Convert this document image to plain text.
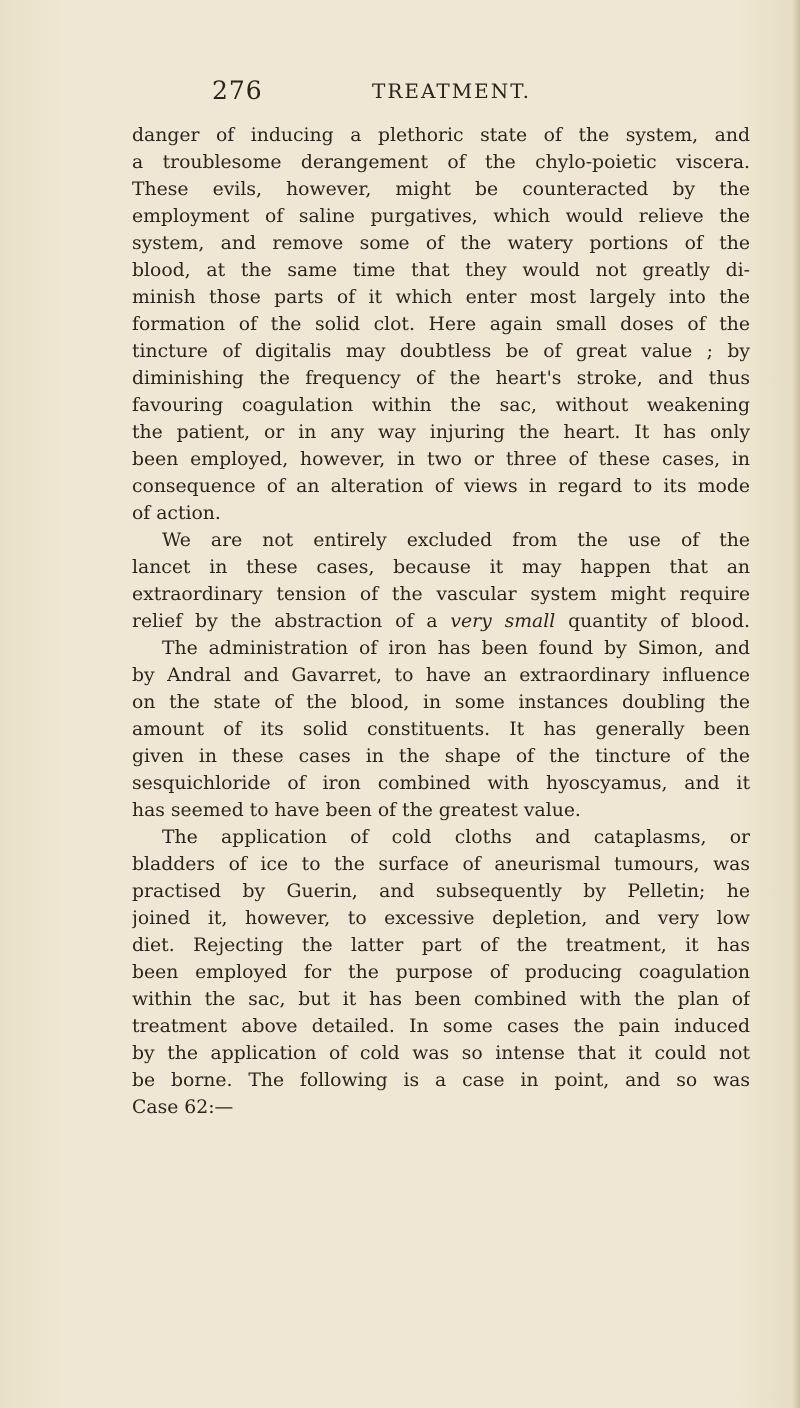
276	TREATMENT.
danger of inducing a plethoric state of the system, and
a troublesome derangement of the chylo-poietic viscera.
These evils, however, might be counteracted by the
employment of saline purgatives, which would relieve the
system, and remove some of the watery portions of the
blood, at the same time that they would not greatly di-
minish those parts of it which enter most largely into the
formation of the solid clot. Here again small doses of the
tincture of digitalis may doubtless be of great value ; by
diminishing the frequency of the heart's stroke, and thus
favouring coagulation within the sac, without weakening
the patient, or in any way injuring the heart. It has only
been employed, however, in two or three of these cases, in
consequence of an alteration of views in regard to its mode
of action.
We are not entirely excluded from the use of the
lancet in these cases, because it may happen that an
extraordinary tension of the vascular system might require
relief by the abstraction of a very small quantity of blood.
The administration of iron has been found by Simon, and
by Andral and Gavarret, to have an extraordinary influence
on the state of the blood, in some instances doubling the
amount of its solid constituents. It has generally been
given in these cases in the shape of the tincture of the
sesquichloride of iron combined with hyoscyamus, and it
has seemed to have been of the greatest value.
The application of cold cloths and cataplasms, or
bladders of ice to the surface of aneurismal tumours, was
practised by Guerin, and subsequently by Pelletin; he
joined it, however, to excessive depletion, and very low
diet. Rejecting the latter part of the treatment, it has
been employed for the purpose of producing coagulation
within the sac, but it has been combined with the plan of
treatment above detailed. In some cases the pain induced
by the application of cold was so intense that it could not
be borne. The following is a case in point, and so was
Case 62:—
